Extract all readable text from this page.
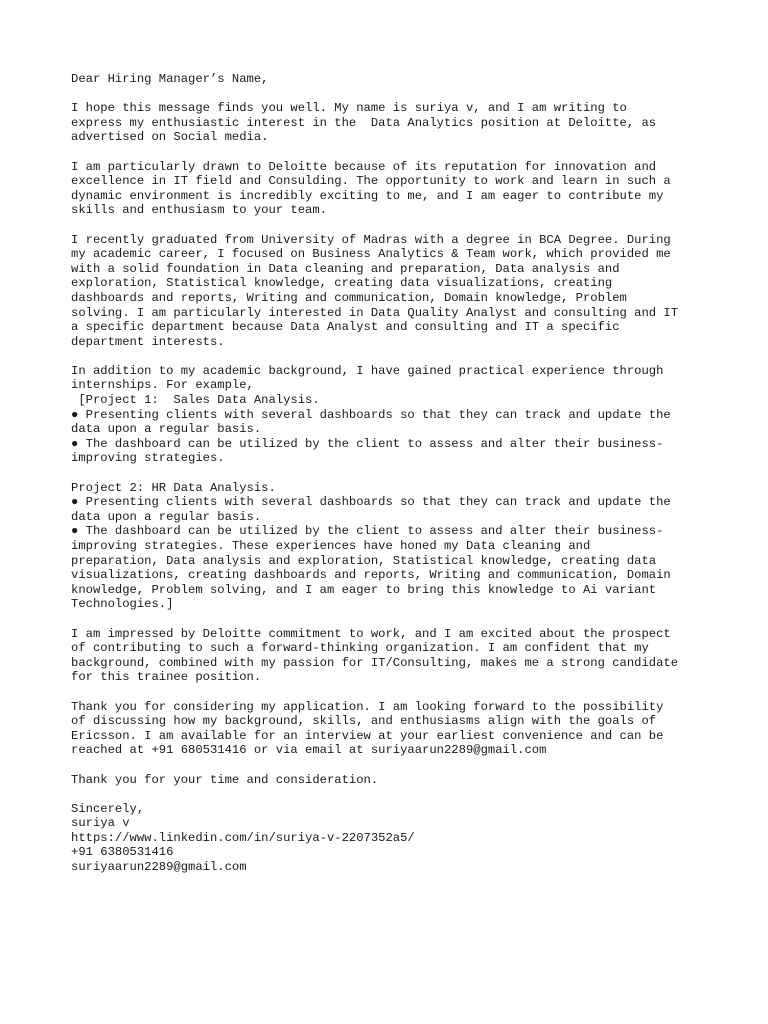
Dear Hiring Manager’s Name,
I hope this message finds you well. My name is suriya v, and I am writing to
express my enthusiastic interest in the  Data Analytics position at Deloitte, as
advertised on Social media.
I am particularly drawn to Deloitte because of its reputation for innovation and
excellence in IT field and Consulding. The opportunity to work and learn in such a
dynamic environment is incredibly exciting to me, and I am eager to contribute my
skills and enthusiasm to your team.
I recently graduated from University of Madras with a degree in BCA Degree. During
my academic career, I focused on Business Analytics & Team work, which provided me
with a solid foundation in Data cleaning and preparation, Data analysis and
exploration, Statistical knowledge, creating data visualizations, creating
dashboards and reports, Writing and communication, Domain knowledge, Problem
solving. I am particularly interested in Data Quality Analyst and consulting and IT
a specific department because Data Analyst and consulting and IT a specific
department interests.
In addition to my academic background, I have gained practical experience through
internships. For example,
[Project 1:  Sales Data Analysis.
● Presenting clients with several dashboards so that they can track and update the
data upon a regular basis.
● The dashboard can be utilized by the client to assess and alter their business-
improving strategies.
Project 2: HR Data Analysis.
● Presenting clients with several dashboards so that they can track and update the
data upon a regular basis.
● The dashboard can be utilized by the client to assess and alter their business-
improving strategies. These experiences have honed my Data cleaning and
preparation, Data analysis and exploration, Statistical knowledge, creating data
visualizations, creating dashboards and reports, Writing and communication, Domain
knowledge, Problem solving, and I am eager to bring this knowledge to Ai variant
Technologies.]
I am impressed by Deloitte commitment to work, and I am excited about the prospect
of contributing to such a forward-thinking organization. I am confident that my
background, combined with my passion for IT/Consulting, makes me a strong candidate
for this trainee position.
Thank you for considering my application. I am looking forward to the possibility
of discussing how my background, skills, and enthusiasms align with the goals of
Ericsson. I am available for an interview at your earliest convenience and can be
reached at +91 680531416 or via email at suriyaarun2289@gmail.com
Thank you for your time and consideration.
Sincerely,
suriya v
https://www.linkedin.com/in/suriya-v-2207352a5/
+91 6380531416
suriyaarun2289@gmail.com
